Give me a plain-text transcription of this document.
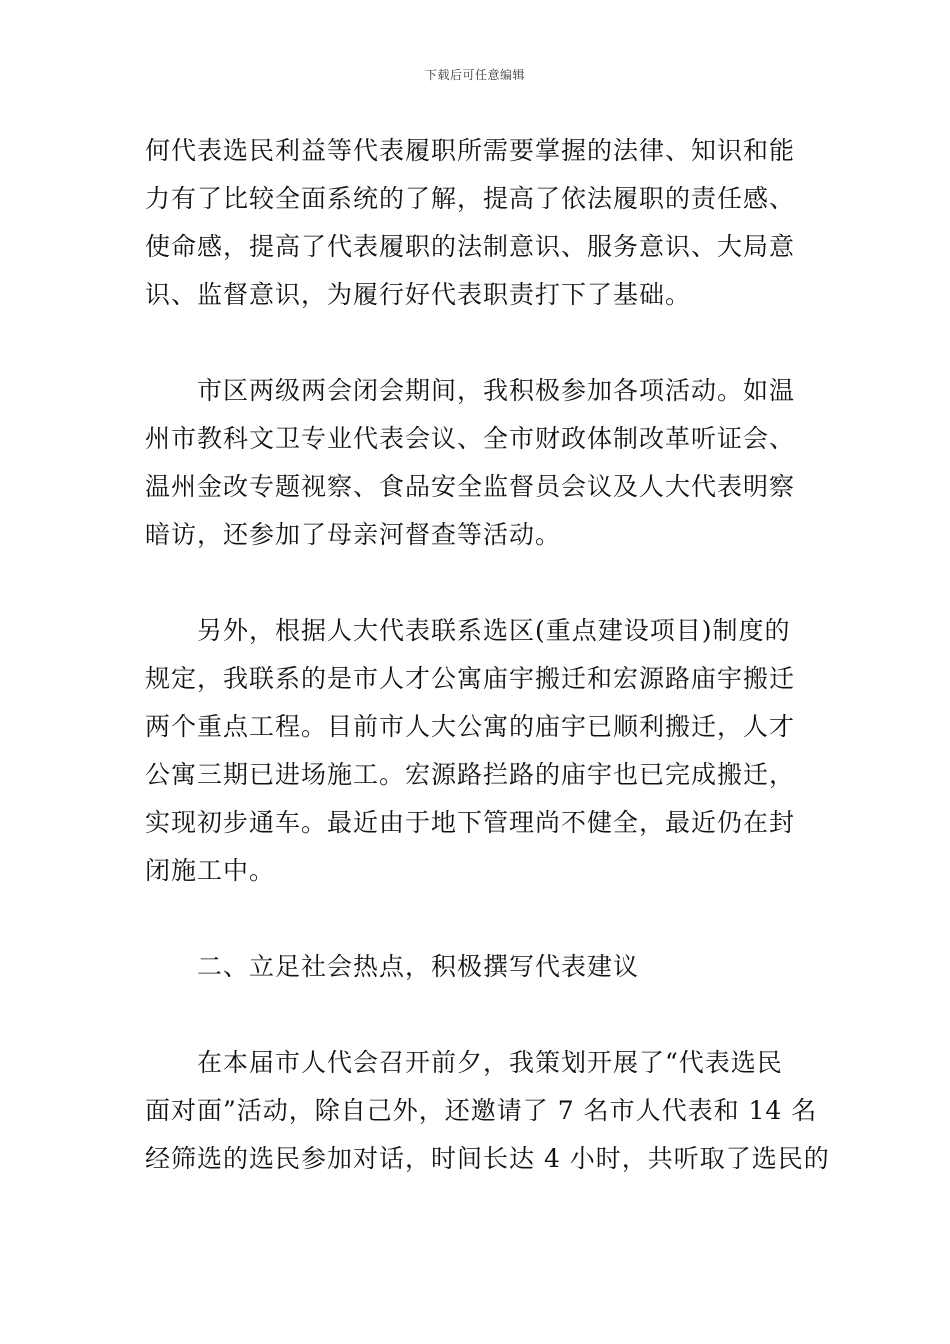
下载后可任意编辑
何代表选民利益等代表履职所需要掌握的法律、知识和能
力有了比较全面系统的了解，提高了依法履职的责任感、
使命感，提高了代表履职的法制意识、服务意识、大局意
识、监督意识，为履行好代表职责打下了基础。
市区两级两会闭会期间，我积极参加各项活动。如温
州市教科文卫专业代表会议、全市财政体制改革听证会、
温州金改专题视察、食品安全监督员会议及人大代表明察
暗访，还参加了母亲河督查等活动。
另外，根据人大代表联系选区(重点建设项目)制度的
规定，我联系的是市人才公寓庙宇搬迁和宏源路庙宇搬迁
两个重点工程。目前市人大公寓的庙宇已顺利搬迁，人才
公寓三期已进场施工。宏源路拦路的庙宇也已完成搬迁，
实现初步通车。最近由于地下管理尚不健全，最近仍在封
闭施工中。
二、立足社会热点，积极撰写代表建议
在本届市人代会召开前夕，我策划开展了“代表选民
面对面”活动，除自己外，还邀请了 7 名市人代表和 14 名
经筛选的选民参加对话，时间长达 4 小时，共听取了选民的
